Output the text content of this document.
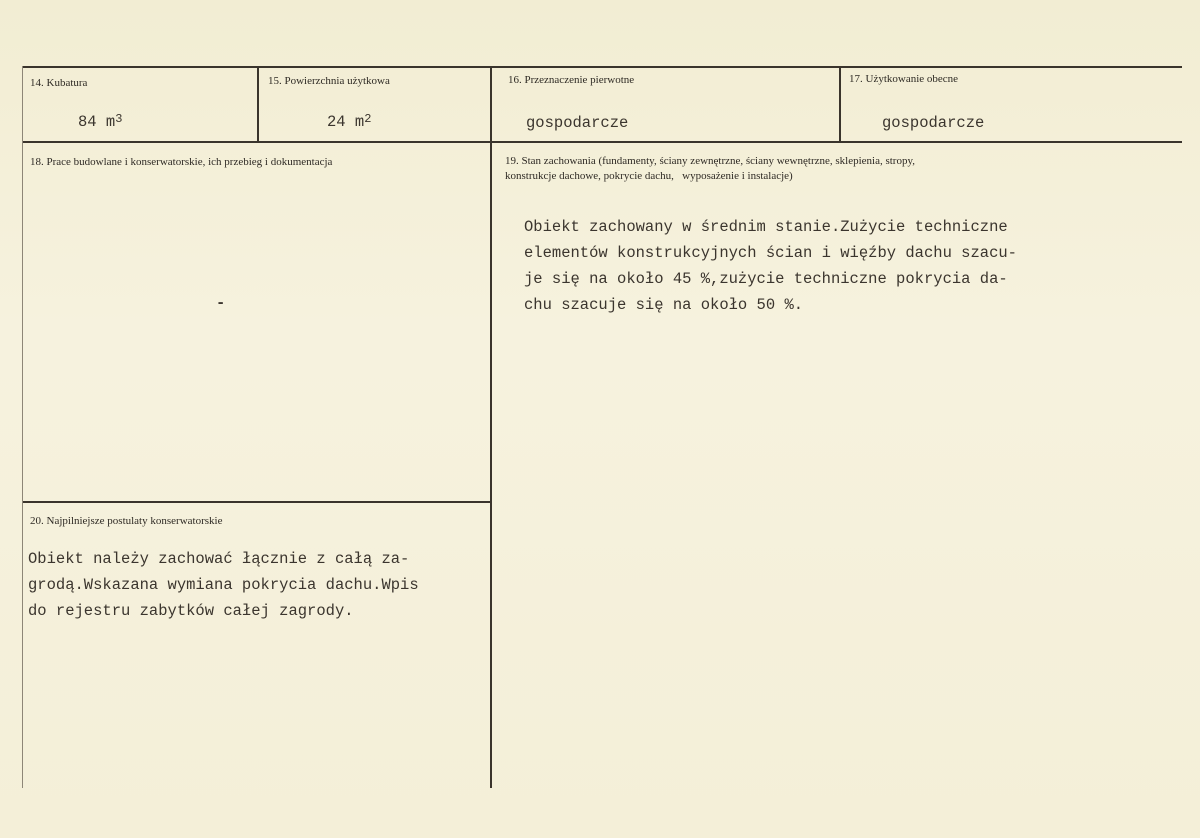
14. Kubatura
84 $m^3$
15. Powierzchnia użytkowa
24 $m^2$
16. Przeznaczenie pierwotne
gospodarcze
17. Użytkowanie obecne
gospodarcze
18. Prace budowlane i konserwatorskie, ich przebieg i dokumentacja
-
19. Stan zachowania (fundamenty, ściany zewnętrzne, ściany wewnętrzne, sklepienia, stropy,
konstrukcje dachowe, pokrycie dachu,   wyposażenie i instalacje)
Obiekt zachowany w średnim stanie.Zużycie techniczne
elementów konstrukcyjnych ścian i więźby dachu szacu-
je się na około 45 %,zużycie techniczne pokrycia da-
chu szacuje się na około 50 %.
20. Najpilniejsze postulaty konserwatorskie
Obiekt należy zachować łącznie z całą za-
grodą.Wskazana wymiana pokrycia dachu.Wpis
do rejestru zabytków całej zagrody.
